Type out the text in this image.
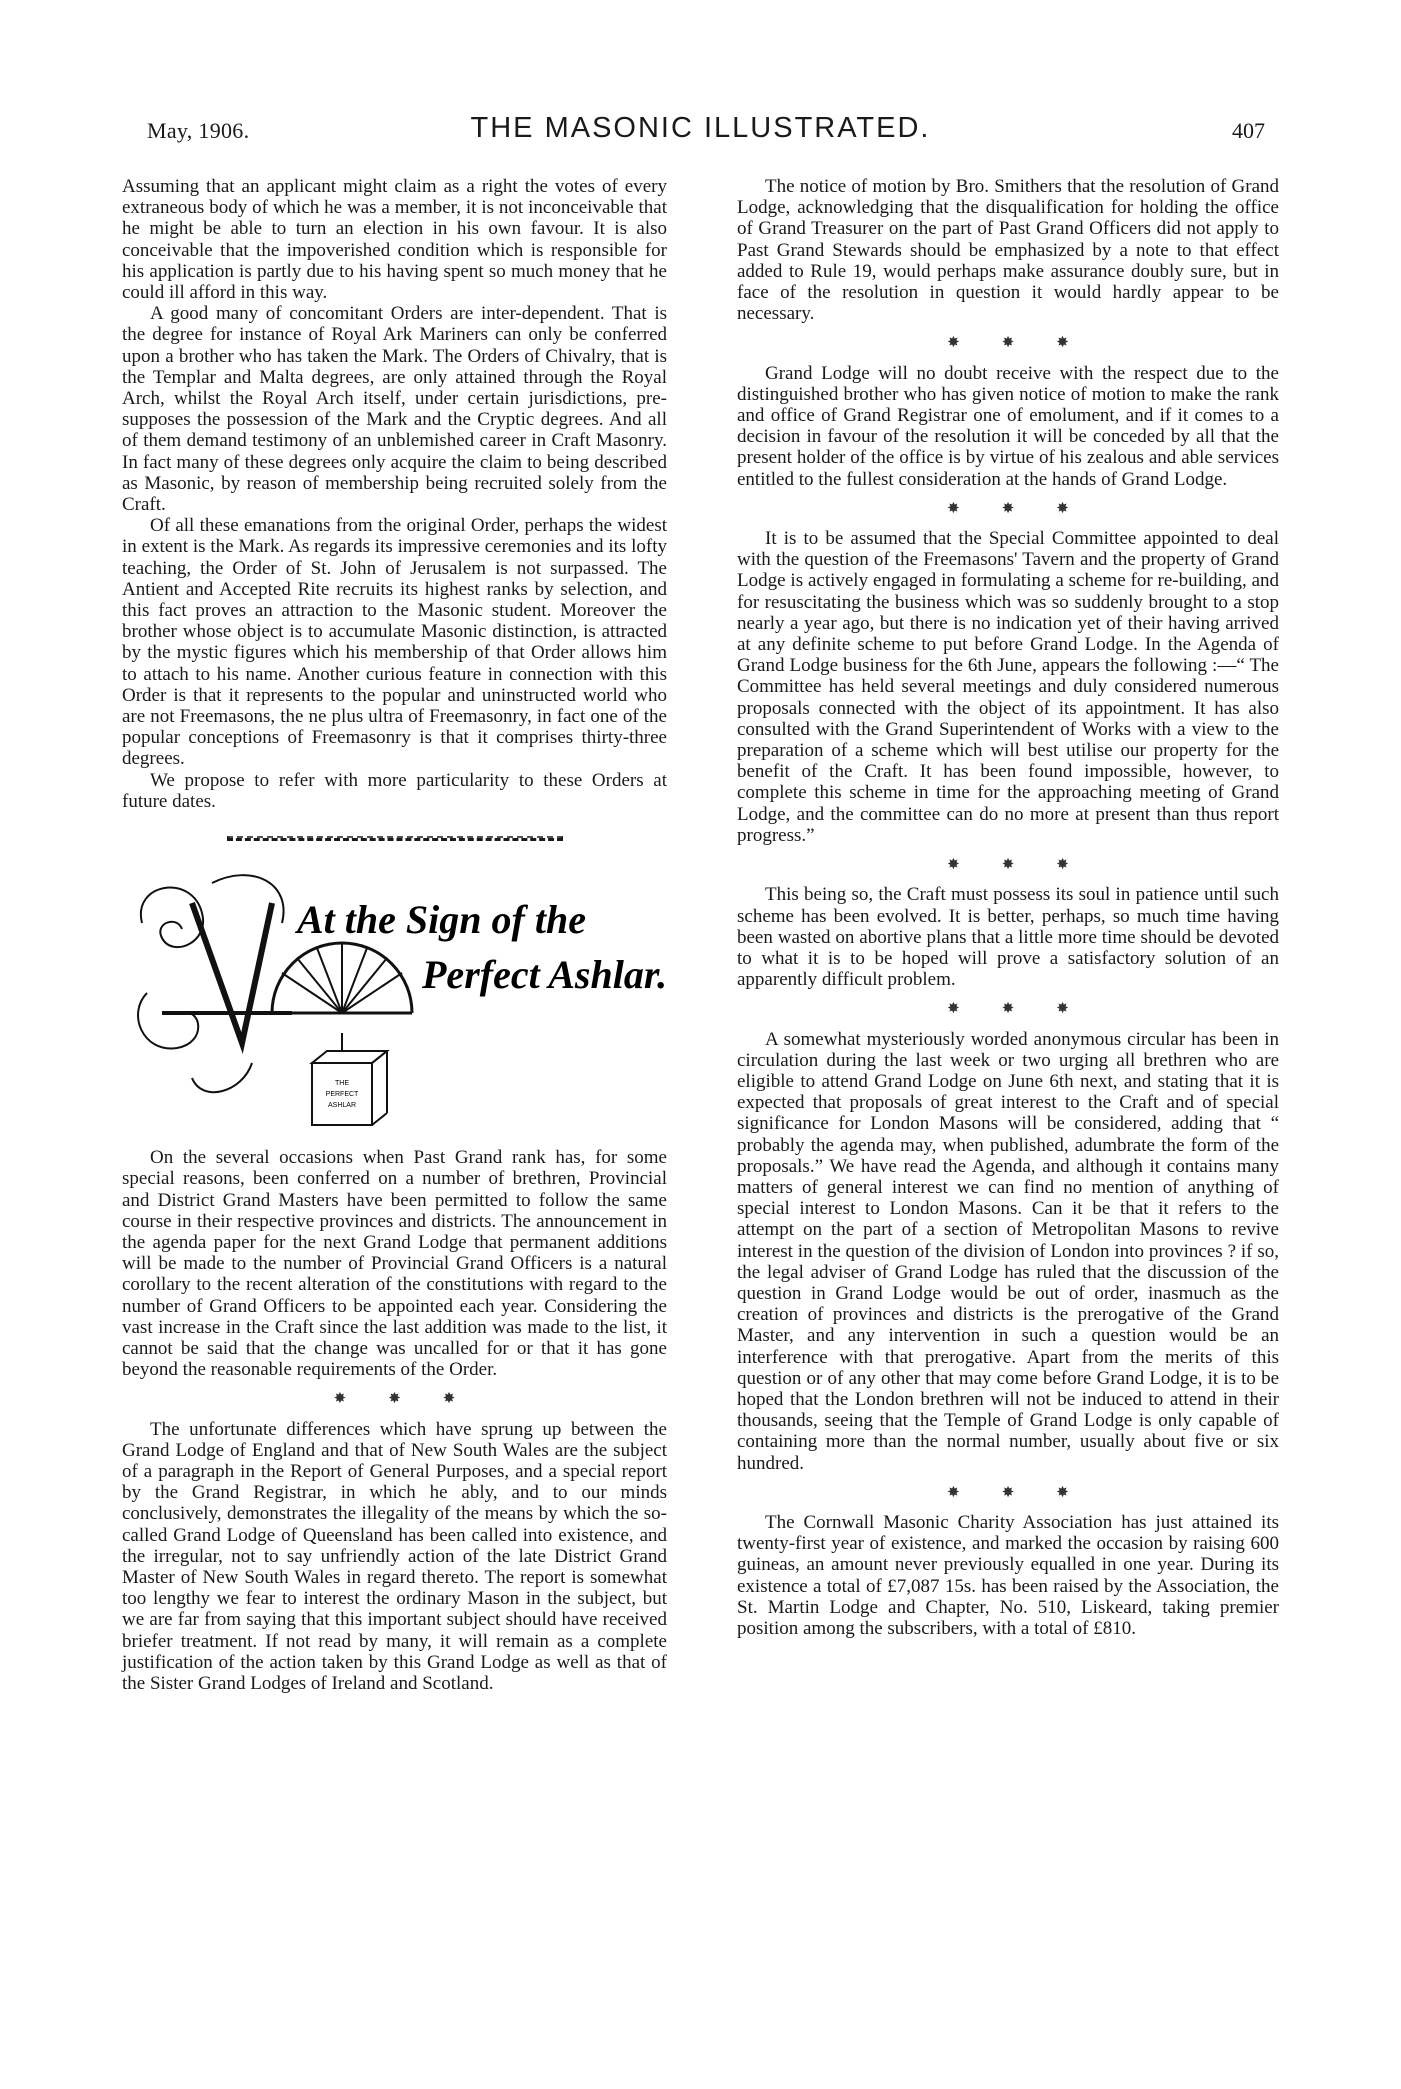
May, 1906.	THE MASONIC ILLUSTRATED.	407

Assuming that an applicant might claim as a right the votes of every extraneous body of which he was a member, it is not inconceivable that he might be able to turn an election in his own favour. It is also conceivable that the impoverished condition which is responsible for his application is partly due to his having spent so much money that he could ill afford in this way.

A good many of concomitant Orders are inter-dependent. That is the degree for instance of Royal Ark Mariners can only be conferred upon a brother who has taken the Mark. The Orders of Chivalry, that is the Templar and Malta degrees, are only attained through the Royal Arch, whilst the Royal Arch itself, under certain jurisdictions, pre-supposes the possession of the Mark and the Cryptic degrees. And all of them demand testimony of an unblemished career in Craft Masonry. In fact many of these degrees only acquire the claim to being described as Masonic, by reason of membership being recruited solely from the Craft.

Of all these emanations from the original Order, perhaps the widest in extent is the Mark. As regards its impressive ceremonies and its lofty teaching, the Order of St. John of Jerusalem is not surpassed. The Antient and Accepted Rite recruits its highest ranks by selection, and this fact proves an attraction to the Masonic student. Moreover the brother whose object is to accumulate Masonic distinction, is attracted by the mystic figures which his membership of that Order allows him to attach to his name. Another curious feature in connection with this Order is that it represents to the popular and uninstructed world who are not Freemasons, the ne plus ultra of Freemasonry, in fact one of the popular conceptions of Freemasonry is that it comprises thirty-three degrees.

We propose to refer with more particularity to these Orders at future dates.

THE
PERFECT
ASHLAR
At the Sign of the
Perfect Ashlar.

On the several occasions when Past Grand rank has, for some special reasons, been conferred on a number of brethren, Provincial and District Grand Masters have been permitted to follow the same course in their respective provinces and districts. The announcement in the agenda paper for the next Grand Lodge that permanent additions will be made to the number of Provincial Grand Officers is a natural corollary to the recent alteration of the constitutions with regard to the number of Grand Officers to be appointed each year. Considering the vast increase in the Craft since the last addition was made to the list, it cannot be said that the change was uncalled for or that it has gone beyond the reasonable requirements of the Order.

✸✸✸

The unfortunate differences which have sprung up between the Grand Lodge of England and that of New South Wales are the subject of a paragraph in the Report of General Purposes, and a special report by the Grand Registrar, in which he ably, and to our minds conclusively, demonstrates the illegality of the means by which the so-called Grand Lodge of Queensland has been called into existence, and the irregular, not to say unfriendly action of the late District Grand Master of New South Wales in regard thereto. The report is somewhat too lengthy we fear to interest the ordinary Mason in the subject, but we are far from saying that this important subject should have received briefer treatment. If not read by many, it will remain as a complete justification of the action taken by this Grand Lodge as well as that of the Sister Grand Lodges of Ireland and Scotland.

The notice of motion by Bro. Smithers that the resolution of Grand Lodge, acknowledging that the disqualification for holding the office of Grand Treasurer on the part of Past Grand Officers did not apply to Past Grand Stewards should be emphasized by a note to that effect added to Rule 19, would perhaps make assurance doubly sure, but in face of the resolution in question it would hardly appear to be necessary.

✸✸✸

Grand Lodge will no doubt receive with the respect due to the distinguished brother who has given notice of motion to make the rank and office of Grand Registrar one of emolument, and if it comes to a decision in favour of the resolution it will be conceded by all that the present holder of the office is by virtue of his zealous and able services entitled to the fullest consideration at the hands of Grand Lodge.

✸✸✸

It is to be assumed that the Special Committee appointed to deal with the question of the Freemasons' Tavern and the property of Grand Lodge is actively engaged in formulating a scheme for re-building, and for resuscitating the business which was so suddenly brought to a stop nearly a year ago, but there is no indication yet of their having arrived at any definite scheme to put before Grand Lodge. In the Agenda of Grand Lodge business for the 6th June, appears the following :—“ The Committee has held several meetings and duly considered numerous proposals connected with the object of its appointment. It has also consulted with the Grand Superintendent of Works with a view to the preparation of a scheme which will best utilise our property for the benefit of the Craft. It has been found impossible, however, to complete this scheme in time for the approaching meeting of Grand Lodge, and the committee can do no more at present than thus report progress.”

✸✸✸

This being so, the Craft must possess its soul in patience until such scheme has been evolved. It is better, perhaps, so much time having been wasted on abortive plans that a little more time should be devoted to what it is to be hoped will prove a satisfactory solution of an apparently difficult problem.

✸✸✸

A somewhat mysteriously worded anonymous circular has been in circulation during the last week or two urging all brethren who are eligible to attend Grand Lodge on June 6th next, and stating that it is expected that proposals of great interest to the Craft and of special significance for London Masons will be considered, adding that “ probably the agenda may, when published, adumbrate the form of the proposals.” We have read the Agenda, and although it contains many matters of general interest we can find no mention of anything of special interest to London Masons. Can it be that it refers to the attempt on the part of a section of Metropolitan Masons to revive interest in the question of the division of London into provinces ? if so, the legal adviser of Grand Lodge has ruled that the discussion of the question in Grand Lodge would be out of order, inasmuch as the creation of provinces and districts is the prerogative of the Grand Master, and any intervention in such a question would be an interference with that prerogative. Apart from the merits of this question or of any other that may come before Grand Lodge, it is to be hoped that the London brethren will not be induced to attend in their thousands, seeing that the Temple of Grand Lodge is only capable of containing more than the normal number, usually about five or six hundred.

✸✸✸

The Cornwall Masonic Charity Association has just attained its twenty-first year of existence, and marked the occasion by raising 600 guineas, an amount never previously equalled in one year. During its existence a total of £7,087 15s. has been raised by the Association, the St. Martin Lodge and Chapter, No. 510, Liskeard, taking premier position among the subscribers, with a total of £810.
